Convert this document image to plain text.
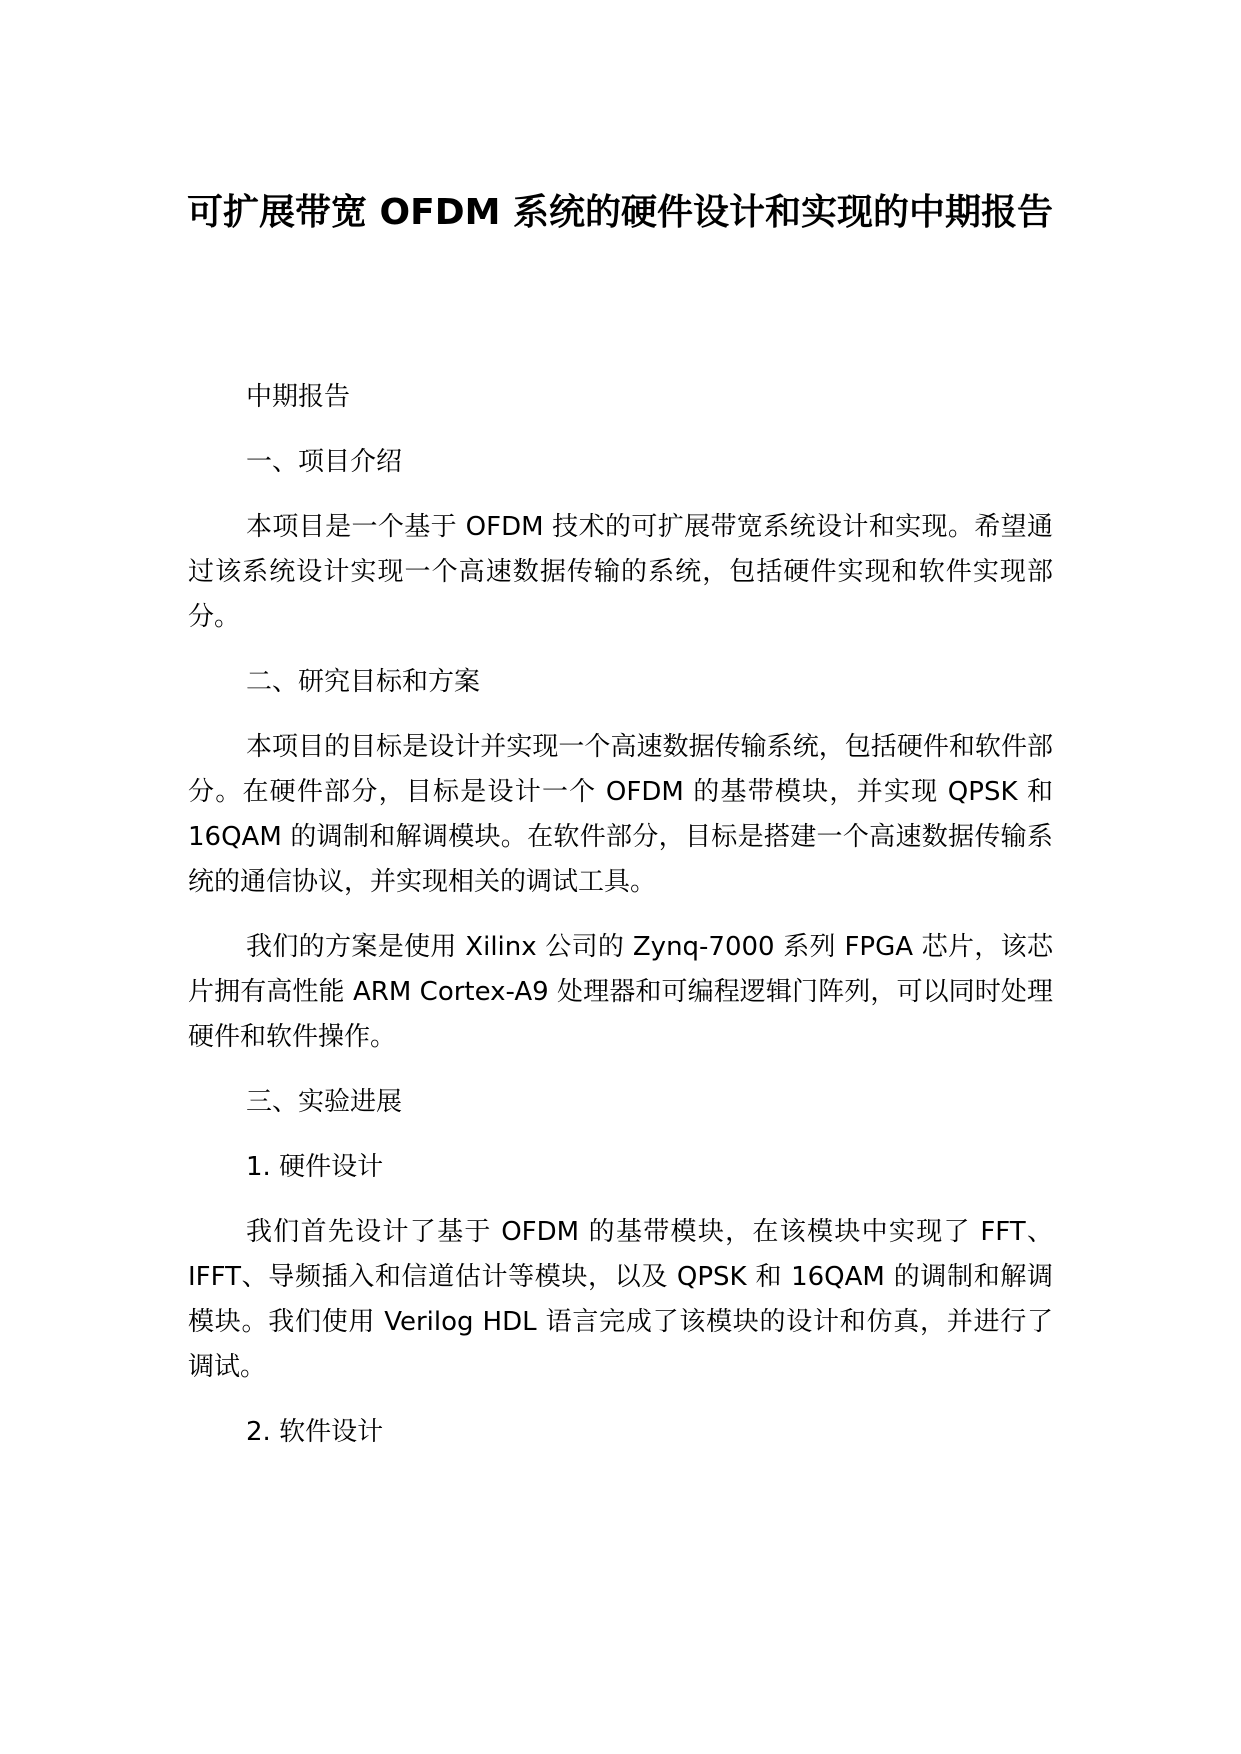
可扩展带宽 OFDM 系统的硬件设计和实现的中期报告

中期报告

一、项目介绍

本项目是一个基于 OFDM 技术的可扩展带宽系统设计和实现。希望通过该系统设计实现一个高速数据传输的系统，包括硬件实现和软件实现部分。

二、研究目标和方案

本项目的目标是设计并实现一个高速数据传输系统，包括硬件和软件部分。在硬件部分，目标是设计一个 OFDM 的基带模块，并实现 QPSK 和 16QAM 的调制和解调模块。在软件部分，目标是搭建一个高速数据传输系统的通信协议，并实现相关的调试工具。

我们的方案是使用 Xilinx 公司的 Zynq-7000 系列 FPGA 芯片，该芯片拥有高性能 ARM Cortex-A9 处理器和可编程逻辑门阵列，可以同时处理硬件和软件操作。

三、实验进展

1. 硬件设计

我们首先设计了基于 OFDM 的基带模块，在该模块中实现了 FFT、IFFT、导频插入和信道估计等模块，以及 QPSK 和 16QAM 的调制和解调模块。我们使用 Verilog HDL 语言完成了该模块的设计和仿真，并进行了调试。

2. 软件设计
